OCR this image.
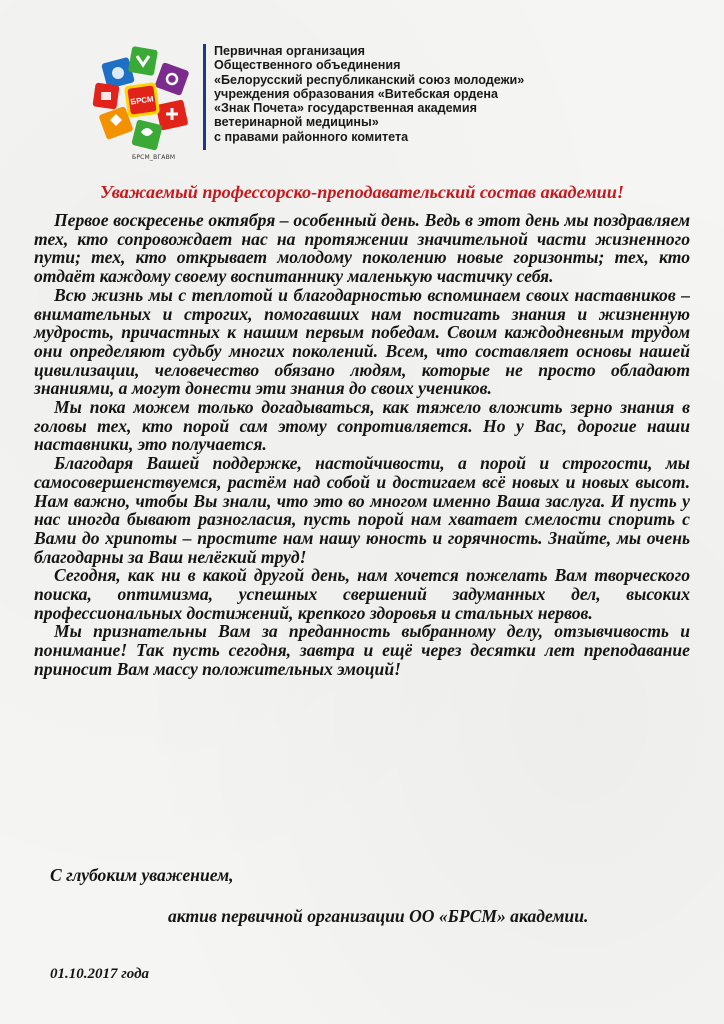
БРСМ
БРСМ_ВГАВМ
Первичная организация
Общественного объединения
«Белорусский республиканский союз молодежи»
учреждения образования «Витебская ордена
«Знак Почета» государственная академия
ветеринарной медицины»
с правами районного комитета
Уважаемый профессорско-преподавательский состав академии!

Первое воскресенье октября – особенный день. Ведь в этот день мы поздравляем тех, кто сопровождает нас на протяжении значительной части жизненного пути; тех, кто открывает молодому поколению новые горизонты; тех, кто отдаёт каждому своему воспитаннику маленькую частичку себя.

Всю жизнь мы с теплотой и благодарностью вспоминаем своих наставников – внимательных и строгих, помогавших нам постигать знания и жизненную мудрость, причастных к нашим первым победам. Своим каждодневным трудом они определяют судьбу многих поколений. Всем, что составляет основы нашей цивилизации, человечество обязано людям, которые не просто обладают знаниями, а могут донести эти знания до своих учеников.

Мы пока можем только догадываться, как тяжело вложить зерно знания в головы тех, кто порой сам этому сопротивляется. Но у Вас, дорогие наши наставники, это получается.

Благодаря Вашей поддержке, настойчивости, а порой и строгости, мы самосовершенствуемся, растём над собой и достигаем всё новых и новых высот. Нам важно, чтобы Вы знали, что это во многом именно Ваша заслуга. И пусть у нас иногда бывают разногласия, пусть порой нам хватает смелости спорить с Вами до хрипоты – простите нам нашу юность и горячность. Знайте, мы очень благодарны за Ваш нелёгкий труд!

Сегодня, как ни в какой другой день, нам хочется пожелать Вам творческого поиска, оптимизма, успешных свершений задуманных дел, высоких профессиональных достижений, крепкого здоровья и стальных нервов.

Мы признательны Вам за преданность выбранному делу, отзывчивость и понимание! Так пусть сегодня, завтра и ещё через десятки лет преподавание приносит Вам массу положительных эмоций!

С глубоким уважением,
актив первичной организации ОО «БРСМ» академии.
01.10.2017 года
